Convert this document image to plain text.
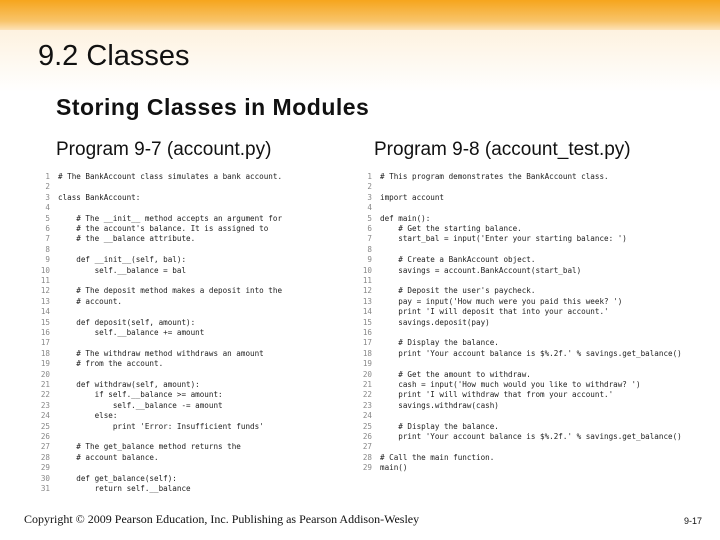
9.2 Classes
Storing Classes in Modules

Program 9-7 (account.py)	Program 9-8 (account_test.py)

1 # The BankAccount class simulates a bank account.
2
3 class BankAccount:
4
5 # The __init__ method accepts an argument for
6 # the account's balance. It is assigned to
7 # the __balance attribute.
8
9 def __init__(self, bal):
10 self.__balance = bal
11
12 # The deposit method makes a deposit into the
13 # account.
14
15 def deposit(self, amount):
16 self.__balance += amount
17
18 # The withdraw method withdraws an amount
19 # from the account.
20
21 def withdraw(self, amount):
22 if self.__balance >= amount:
23 self.__balance -= amount
24 else:
25 print 'Error: Insufficient funds'
26
27 # The get_balance method returns the
28 # account balance.
29
30 def get_balance(self):
31 return self.__balance
1 # This program demonstrates the BankAccount class.
2
3 import account
4
5 def main():
6 # Get the starting balance.
7 start_bal = input('Enter your starting balance: ')
8
9 # Create a BankAccount object.
10 savings = account.BankAccount(start_bal)
11
12 # Deposit the user's paycheck.
13 pay = input('How much were you paid this week? ')
14 print 'I will deposit that into your account.'
15 savings.deposit(pay)
16
17 # Display the balance.
18 print 'Your account balance is $%.2f.' % savings.get_balance()
19
20 # Get the amount to withdraw.
21 cash = input('How much would you like to withdraw? ')
22 print 'I will withdraw that from your account.'
23 savings.withdraw(cash)
24
25 # Display the balance.
26 print 'Your account balance is $%.2f.' % savings.get_balance()
27
28 # Call the main function.
29 main()
Copyright © 2009 Pearson Education, Inc. Publishing as Pearson Addison-Wesley	9-17
